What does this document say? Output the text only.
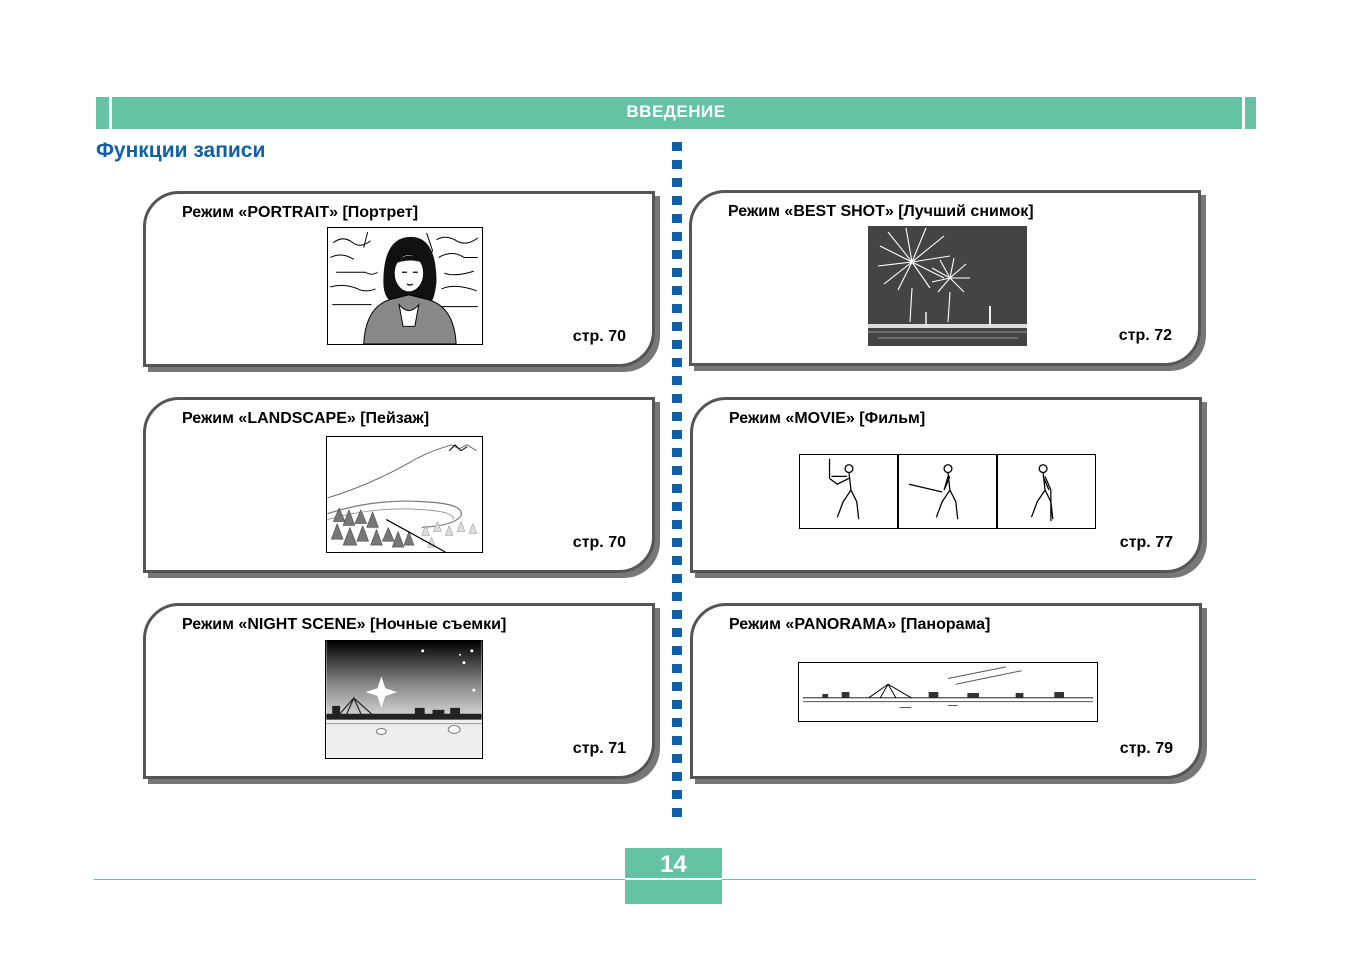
ВВЕДЕНИЕ
Функции записи
Режим «PORTRAIT» [Портрет]
стр. 70
Режим «BEST SHOT» [Лучший снимок]
стр. 72
Режим «LANDSCAPE» [Пейзаж]
стр. 70
Режим «MOVIE» [Фильм]
стр. 77
Режим «NIGHT SCENE» [Ночные съемки]
стр. 71
Режим «PANORAMA» [Панорама]
стр. 79
14
